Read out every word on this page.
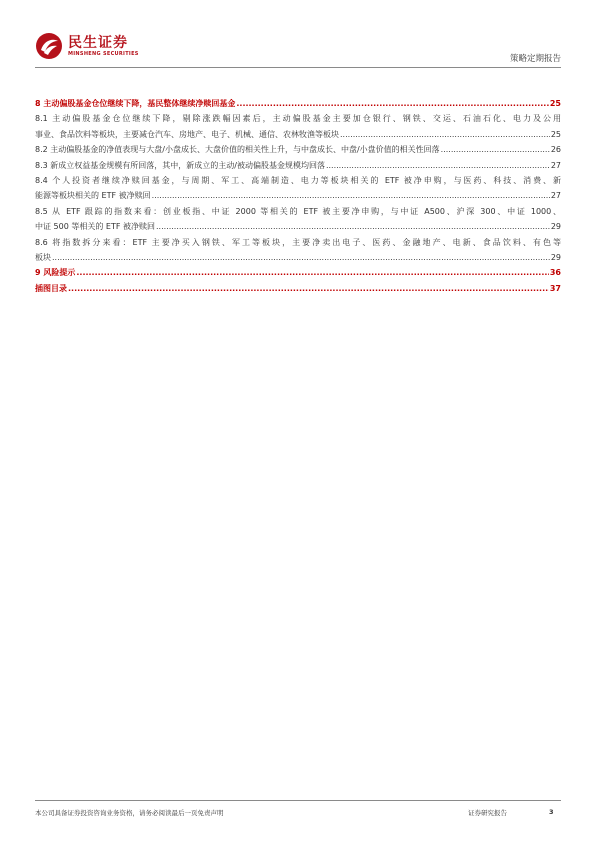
民生证券
MINSHENG SECURITIES
策略定期报告
8 主动偏股基金仓位继续下降，基民整体继续净赎回基金 .....	25
8.1 主动偏股基金仓位继续下降，剔除涨跌幅因素后，主动偏股基金主要加仓银行、钢铁、交运、石油石化、电力及公用
事业、食品饮料等板块，主要减仓汽车、房地产、电子、机械、通信、农林牧渔等板块 .....	25
8.2 主动偏股基金的净值表现与大盘/小盘成长、大盘价值的相关性上升，与中盘成长、中盘/小盘价值的相关性回落 .....	26
8.3 新成立权益基金规模有所回落，其中，新成立的主动/被动偏股基金规模均回落 .....	27
8.4 个人投资者继续净赎回基金，与周期、军工、高端制造、电力等板块相关的 ETF 被净申购，与医药、科技、消费、新
能源等板块相关的 ETF 被净赎回 .....	27
8.5 从 ETF 跟踪的指数来看：创业板指、中证 2000 等相关的 ETF 被主要净申购，与中证 A500、沪深 300、中证 1000、
中证 500 等相关的 ETF 被净赎回 .....	29
8.6 将指数拆分来看：ETF 主要净买入钢铁、军工等板块，主要净卖出电子、医药、金融地产、电新、食品饮料、有色等
板块 .....	29
9 风险提示 .....	36
插图目录 .....	37
本公司具备证券投资咨询业务资格，请务必阅读最后一页免责声明	证券研究报告	3
